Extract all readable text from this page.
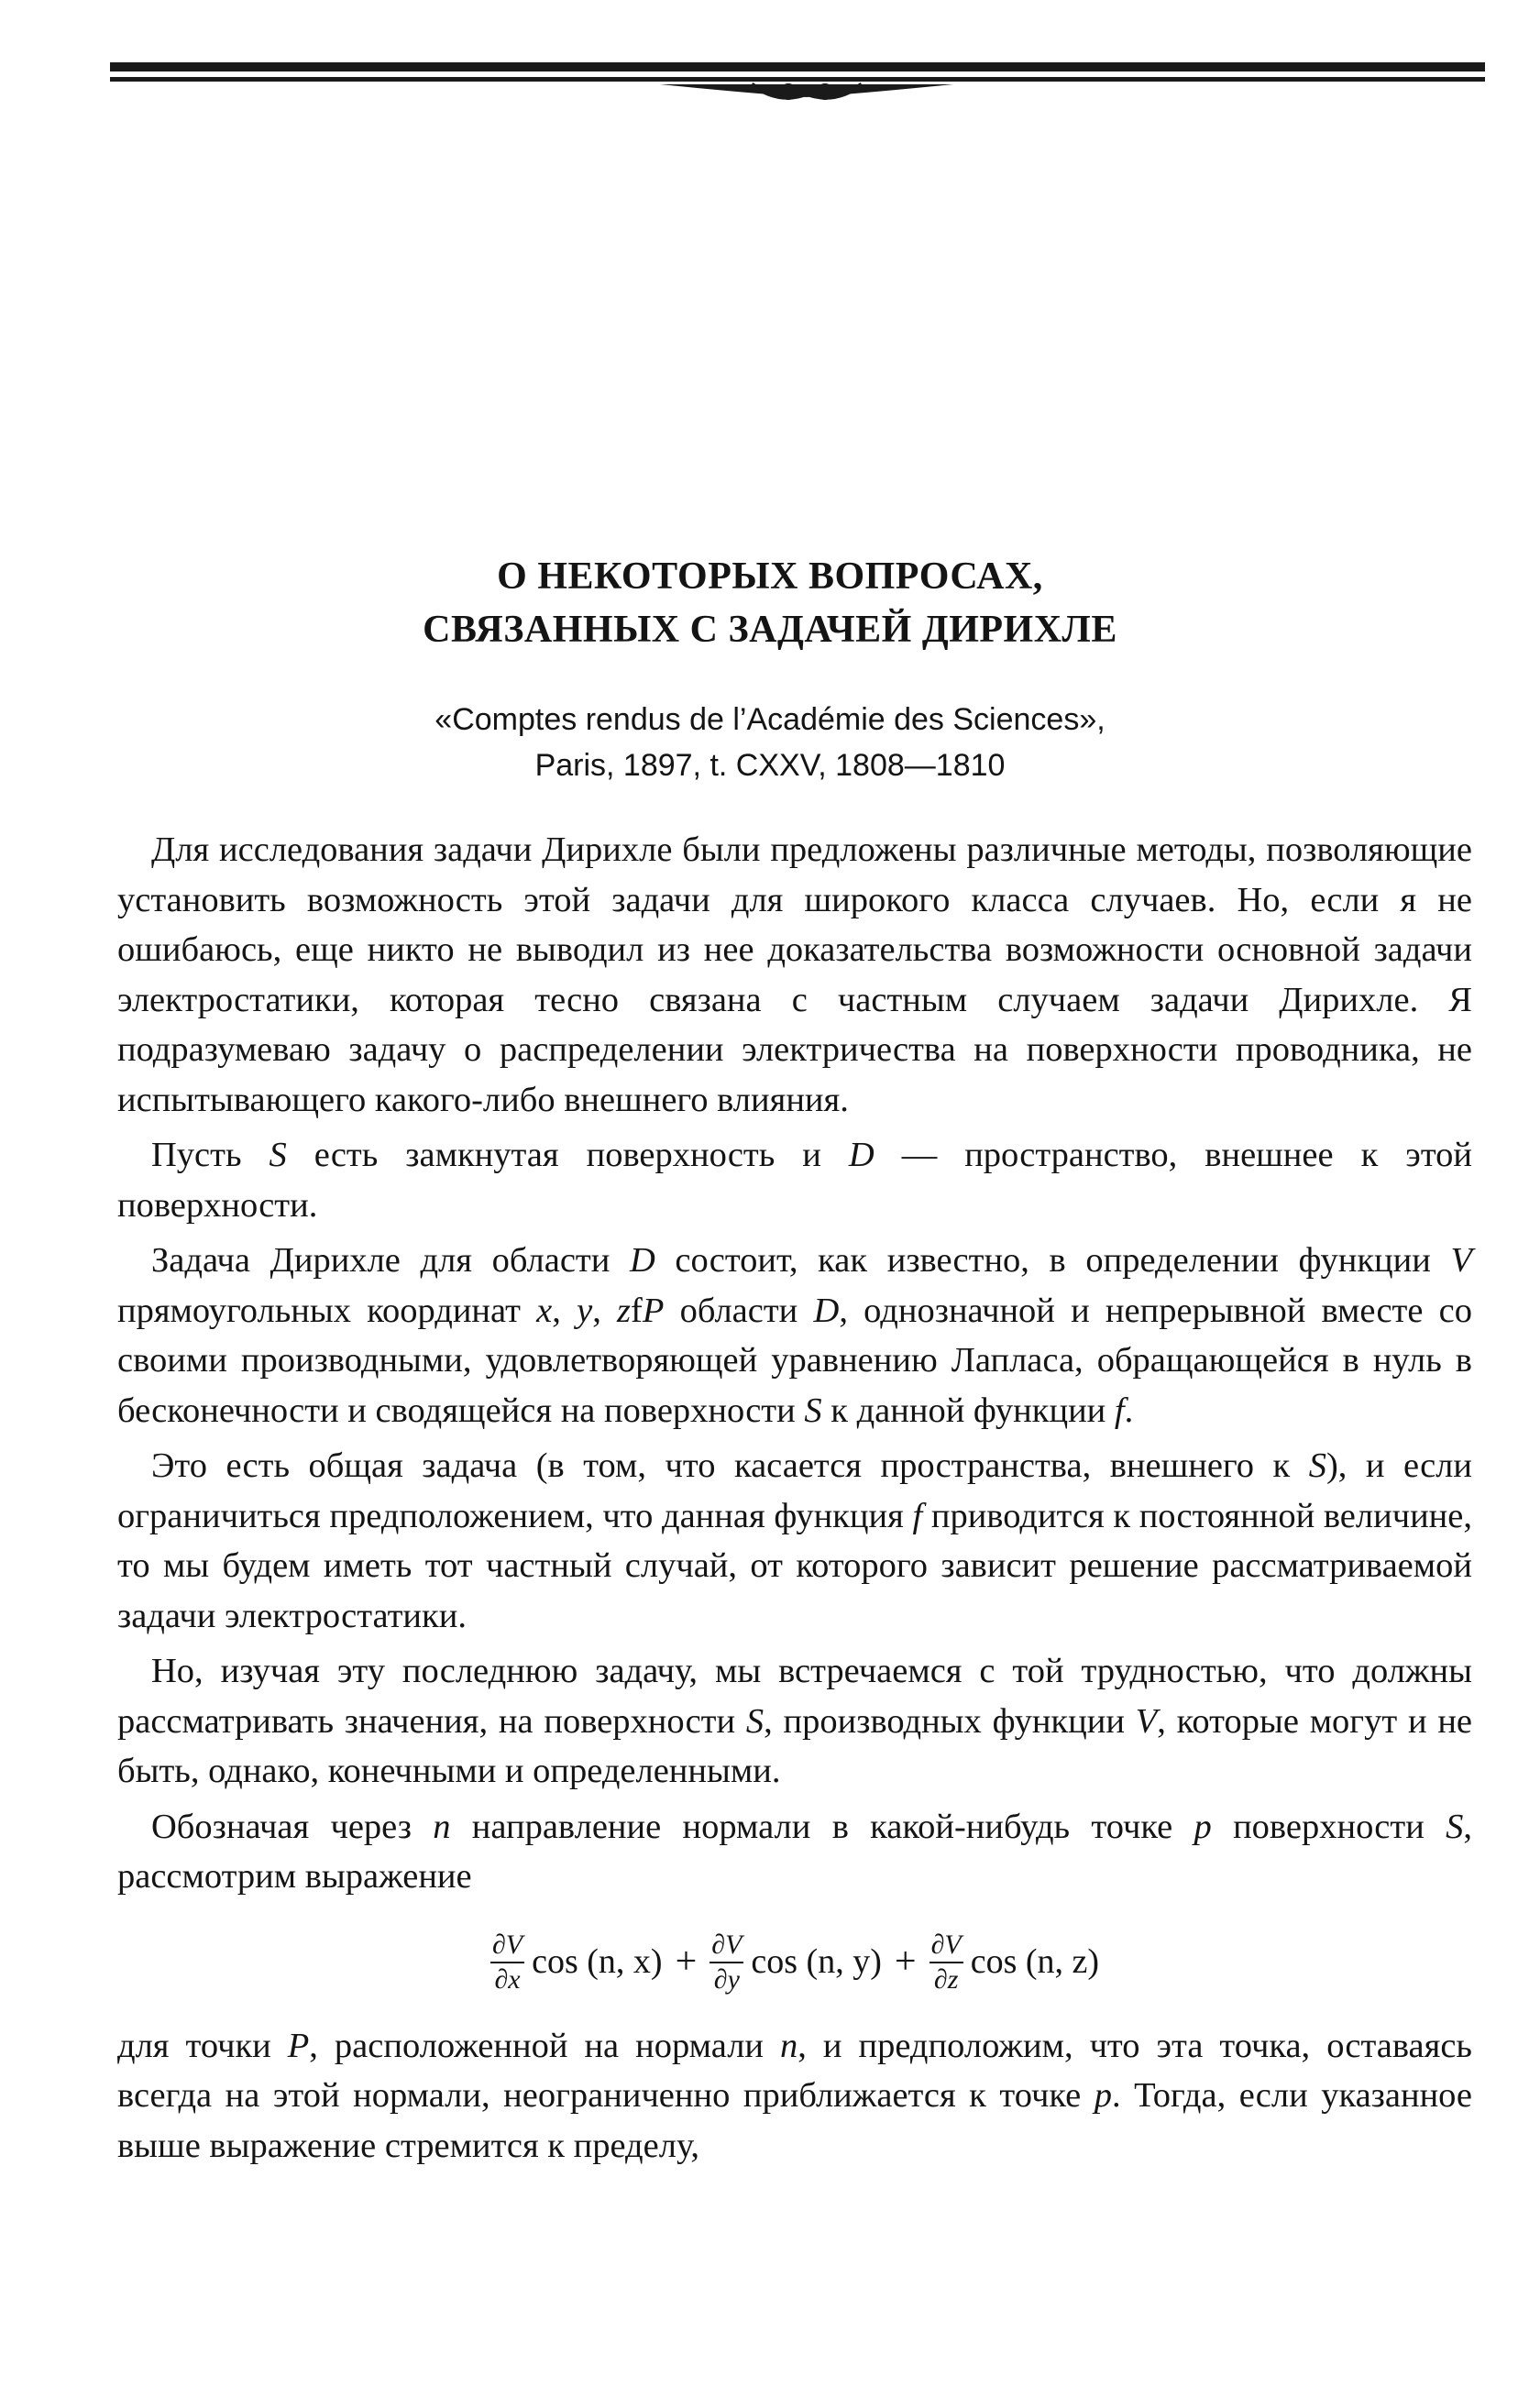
О НЕКОТОРЫХ ВОПРОСАХ,
СВЯЗАННЫХ С ЗАДАЧЕЙ ДИРИХЛЕ
«Comptes rendus de l’Académie des Sciences»,
Paris, 1897, t. CXXV, 1808—1810

Для исследования задачи Дирихле были предложены различные методы, позволяющие установить возможность этой задачи для широкого класса случаев. Но, если я не ошибаюсь, еще никто не выводил из нее доказательства возможности основной задачи электростатики, которая тесно связана с частным случаем задачи Дирихле. Я подразумеваю задачу о распределении электричества на поверхности проводника, не испытывающего какого-либо внешнего влияния.

Пусть S есть замкнутая поверхность и D — пространство, внешнее к этой поверхности.

Задача Дирихле для области D состоит, как известно, в определении функции V прямоугольных координат x, y, zfP области D, однозначной и непрерывной вместе со своими производными, удовлетворяющей уравнению Лапласа, обращающейся в нуль в бесконечности и сводящейся на поверхности S к данной функции f.

Это есть общая задача (в том, что касается пространства, внешнего к S), и если ограничиться предположением, что данная функция f приводится к постоянной величине, то мы будем иметь тот частный случай, от которого зависит решение рассматриваемой задачи электростатики.

Но, изучая эту последнюю задачу, мы встречаемся с той трудностью, что должны рассматривать значения, на поверхности S, производных функции V, которые могут и не быть, однако, конечными и определенными.

Обозначая через n направление нормали в какой-нибудь точке p поверхности S, рассмотрим выражение

$\frac{\partial V}{\partial x}$ cos (n, $x) + \frac{\partial V}{\partial y}$ cos (n, $y) + \frac{\partial V}{\partial z}$ cos (n, z)

для точки P, расположенной на нормали n, и предположим, что эта точка, оставаясь всегда на этой нормали, неограниченно приближается к точке p. Тогда, если указанное выше выражение стремится к пределу,
